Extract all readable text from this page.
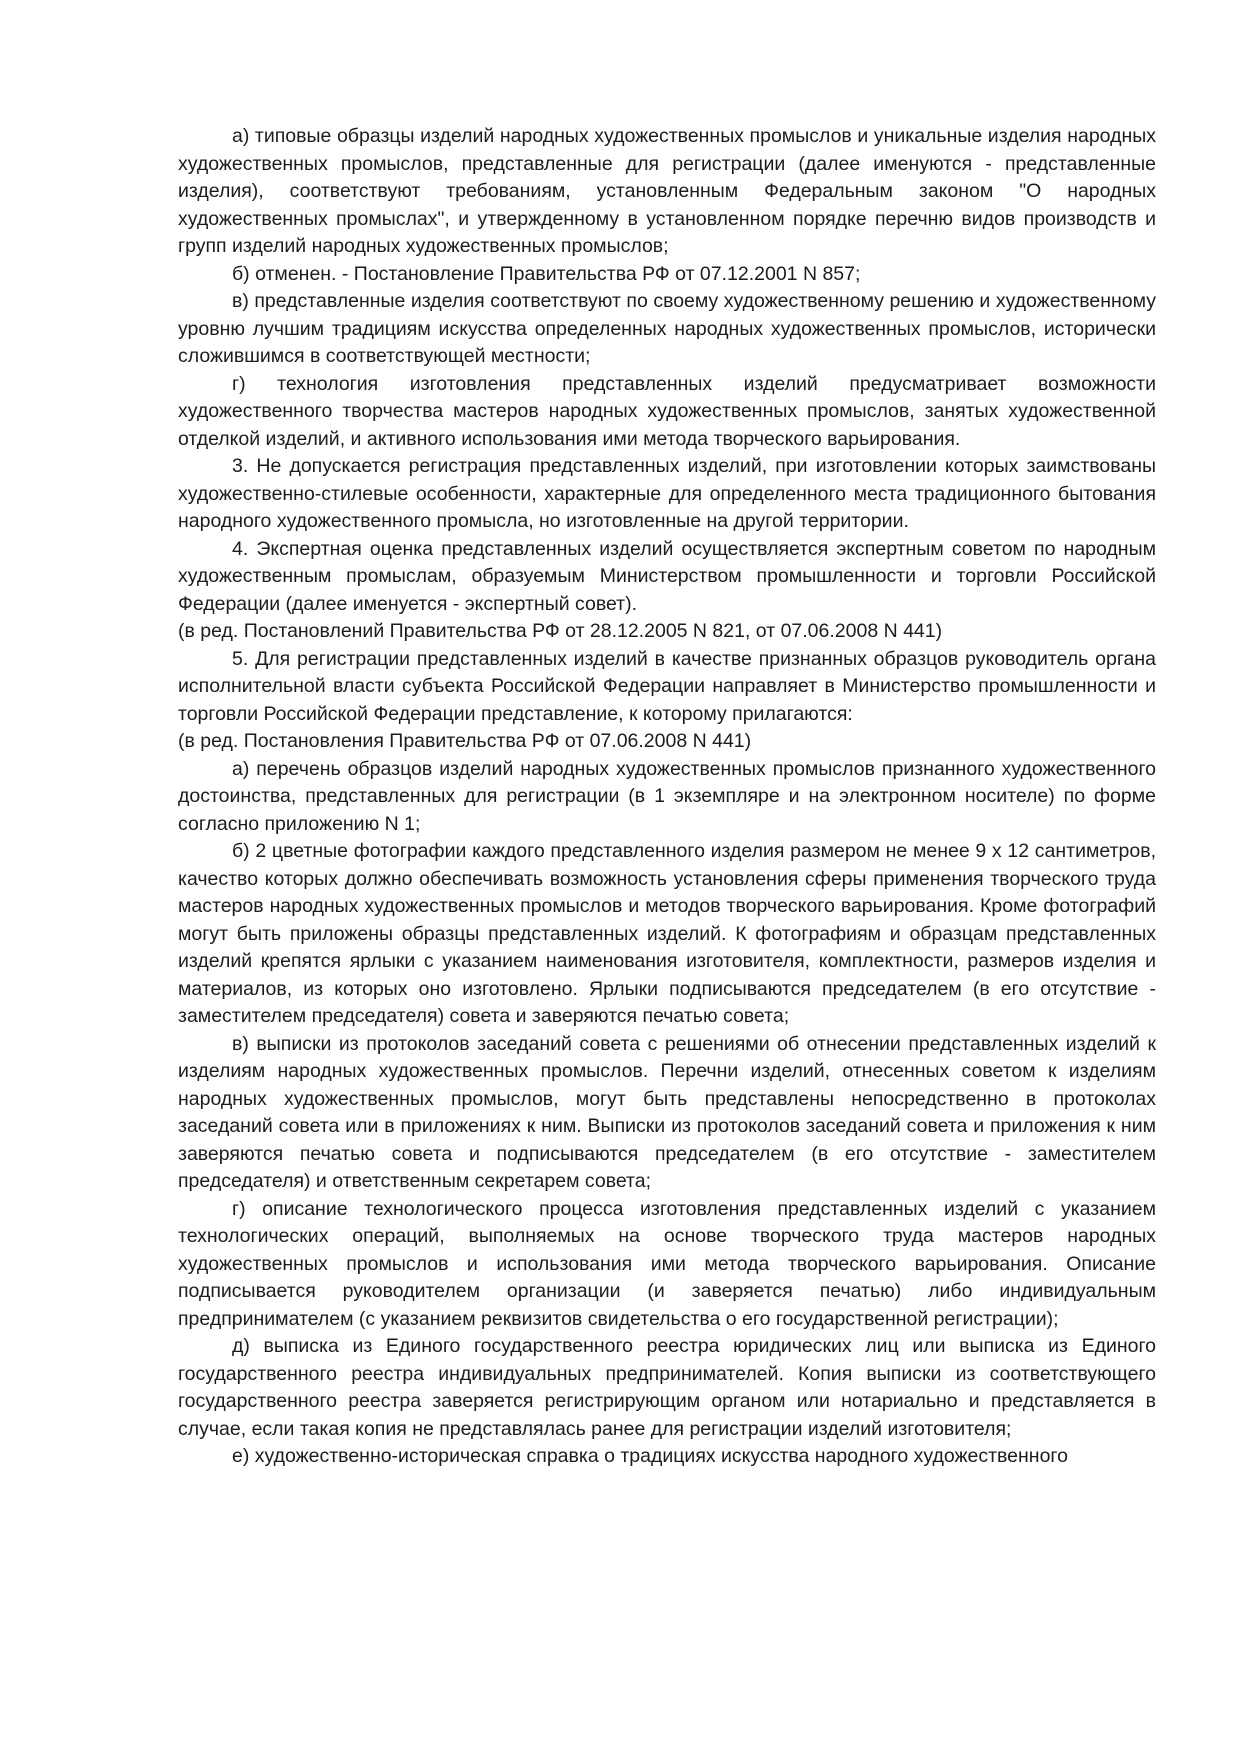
а) типовые образцы изделий народных художественных промыслов и уникальные изделия народных художественных промыслов, представленные для регистрации (далее именуются - представленные изделия), соответствуют требованиям, установленным Федеральным законом "О народных художественных промыслах", и утвержденному в установленном порядке перечню видов производств и групп изделий народных художественных промыслов;

б) отменен. - Постановление Правительства РФ от 07.12.2001 N 857;

в) представленные изделия соответствуют по своему художественному решению и художественному уровню лучшим традициям искусства определенных народных художественных промыслов, исторически сложившимся в соответствующей местности;

г) технология изготовления представленных изделий предусматривает возможности художественного творчества мастеров народных художественных промыслов, занятых художественной отделкой изделий, и активного использования ими метода творческого варьирования.

3. Не допускается регистрация представленных изделий, при изготовлении которых заимствованы художественно-стилевые особенности, характерные для определенного места традиционного бытования народного художественного промысла, но изготовленные на другой территории.

4. Экспертная оценка представленных изделий осуществляется экспертным советом по народным художественным промыслам, образуемым Министерством промышленности и торговли Российской Федерации (далее именуется - экспертный совет).

(в ред. Постановлений Правительства РФ от 28.12.2005 N 821, от 07.06.2008 N 441)

5. Для регистрации представленных изделий в качестве признанных образцов руководитель органа исполнительной власти субъекта Российской Федерации направляет в Министерство промышленности и торговли Российской Федерации представление, к которому прилагаются:

(в ред. Постановления Правительства РФ от 07.06.2008 N 441)

а) перечень образцов изделий народных художественных промыслов признанного художественного достоинства, представленных для регистрации (в 1 экземпляре и на электронном носителе) по форме согласно приложению N 1;

б) 2 цветные фотографии каждого представленного изделия размером не менее 9 x 12 сантиметров, качество которых должно обеспечивать возможность установления сферы применения творческого труда мастеров народных художественных промыслов и методов творческого варьирования. Кроме фотографий могут быть приложены образцы представленных изделий. К фотографиям и образцам представленных изделий крепятся ярлыки с указанием наименования изготовителя, комплектности, размеров изделия и материалов, из которых оно изготовлено. Ярлыки подписываются председателем (в его отсутствие - заместителем председателя) совета и заверяются печатью совета;

в) выписки из протоколов заседаний совета с решениями об отнесении представленных изделий к изделиям народных художественных промыслов. Перечни изделий, отнесенных советом к изделиям народных художественных промыслов, могут быть представлены непосредственно в протоколах заседаний совета или в приложениях к ним. Выписки из протоколов заседаний совета и приложения к ним заверяются печатью совета и подписываются председателем (в его отсутствие - заместителем председателя) и ответственным секретарем совета;

г) описание технологического процесса изготовления представленных изделий с указанием технологических операций, выполняемых на основе творческого труда мастеров народных художественных промыслов и использования ими метода творческого варьирования. Описание подписывается руководителем организации (и заверяется печатью) либо индивидуальным предпринимателем (с указанием реквизитов свидетельства о его государственной регистрации);

д) выписка из Единого государственного реестра юридических лиц или выписка из Единого государственного реестра индивидуальных предпринимателей. Копия выписки из соответствующего государственного реестра заверяется регистрирующим органом или нотариально и представляется в случае, если такая копия не представлялась ранее для регистрации изделий изготовителя;

е) художественно-историческая справка о традициях искусства народного художественного
